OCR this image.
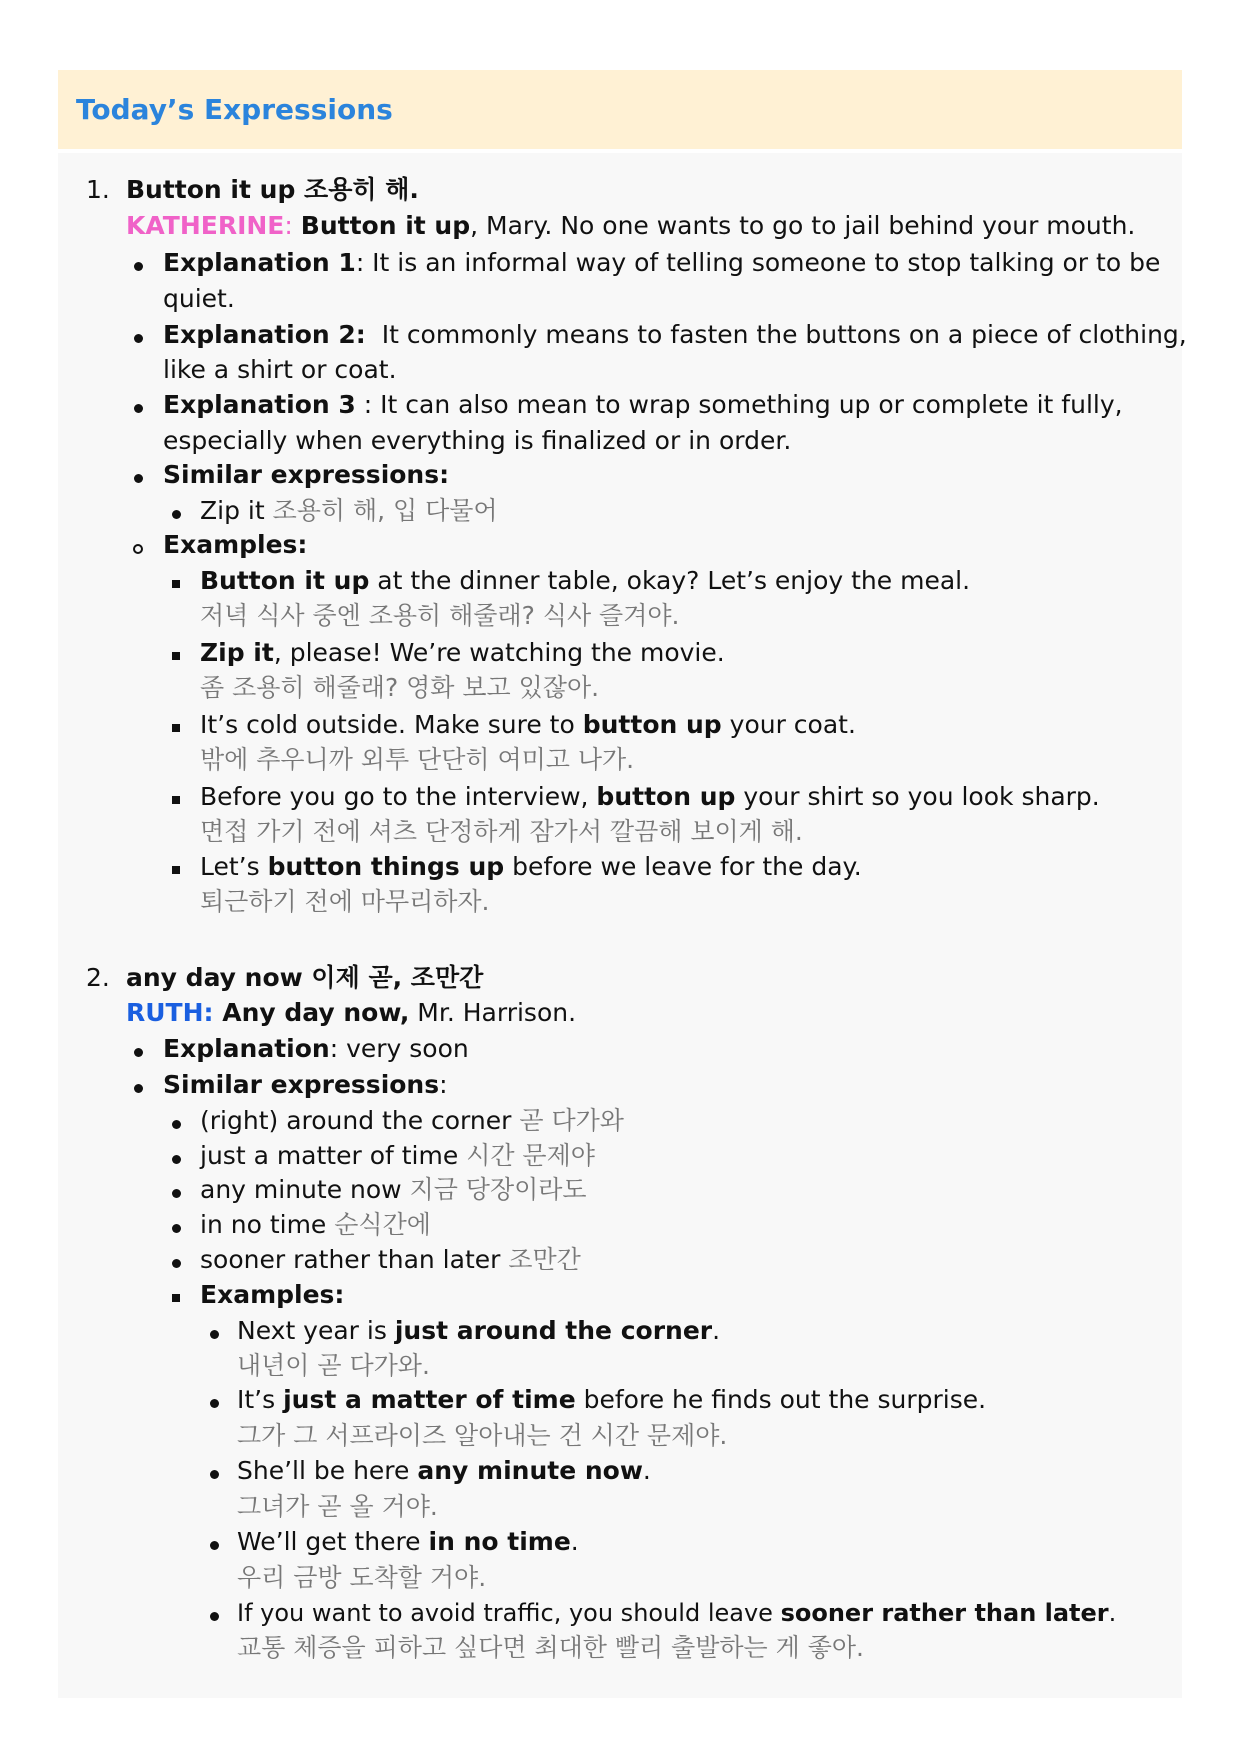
Today’s Expressions
1. Button it up 조용히 해.
KATHERINE: Button it up, Mary. No one wants to go to jail behind your mouth.
Explanation 1: It is an informal way of telling someone to stop talking or to be
quiet.
Explanation 2:  It commonly means to fasten the buttons on a piece of clothing,
like a shirt or coat.
Explanation 3 : It can also mean to wrap something up or complete it fully,
especially when everything is finalized or in order.
Similar expressions:
Zip it 조용히 해, 입 다물어
Examples:
Button it up at the dinner table, okay? Let’s enjoy the meal.
저녁 식사 중엔 조용히 해줄래? 식사 즐겨야.
Zip it, please! We’re watching the movie.
좀 조용히 해줄래? 영화 보고 있잖아.
It’s cold outside. Make sure to button up your coat.
밖에 추우니까 외투 단단히 여미고 나가.
Before you go to the interview, button up your shirt so you look sharp.
면접 가기 전에 셔츠 단정하게 잠가서 깔끔해 보이게 해.
Let’s button things up before we leave for the day.
퇴근하기 전에 마무리하자.
2. any day now 이제 곧, 조만간
RUTH: Any day now, Mr. Harrison.
Explanation: very soon
Similar expressions:
(right) around the corner 곧 다가와
just a matter of time 시간 문제야
any minute now 지금 당장이라도
in no time 순식간에
sooner rather than later 조만간
Examples:
Next year is just around the corner.
내년이 곧 다가와.
It’s just a matter of time before he finds out the surprise.
그가 그 서프라이즈 알아내는 건 시간 문제야.
She’ll be here any minute now.
그녀가 곧 올 거야.
We’ll get there in no time.
우리 금방 도착할 거야.
If you want to avoid traffic, you should leave sooner rather than later.
교통 체증을 피하고 싶다면 최대한 빨리 출발하는 게 좋아.
